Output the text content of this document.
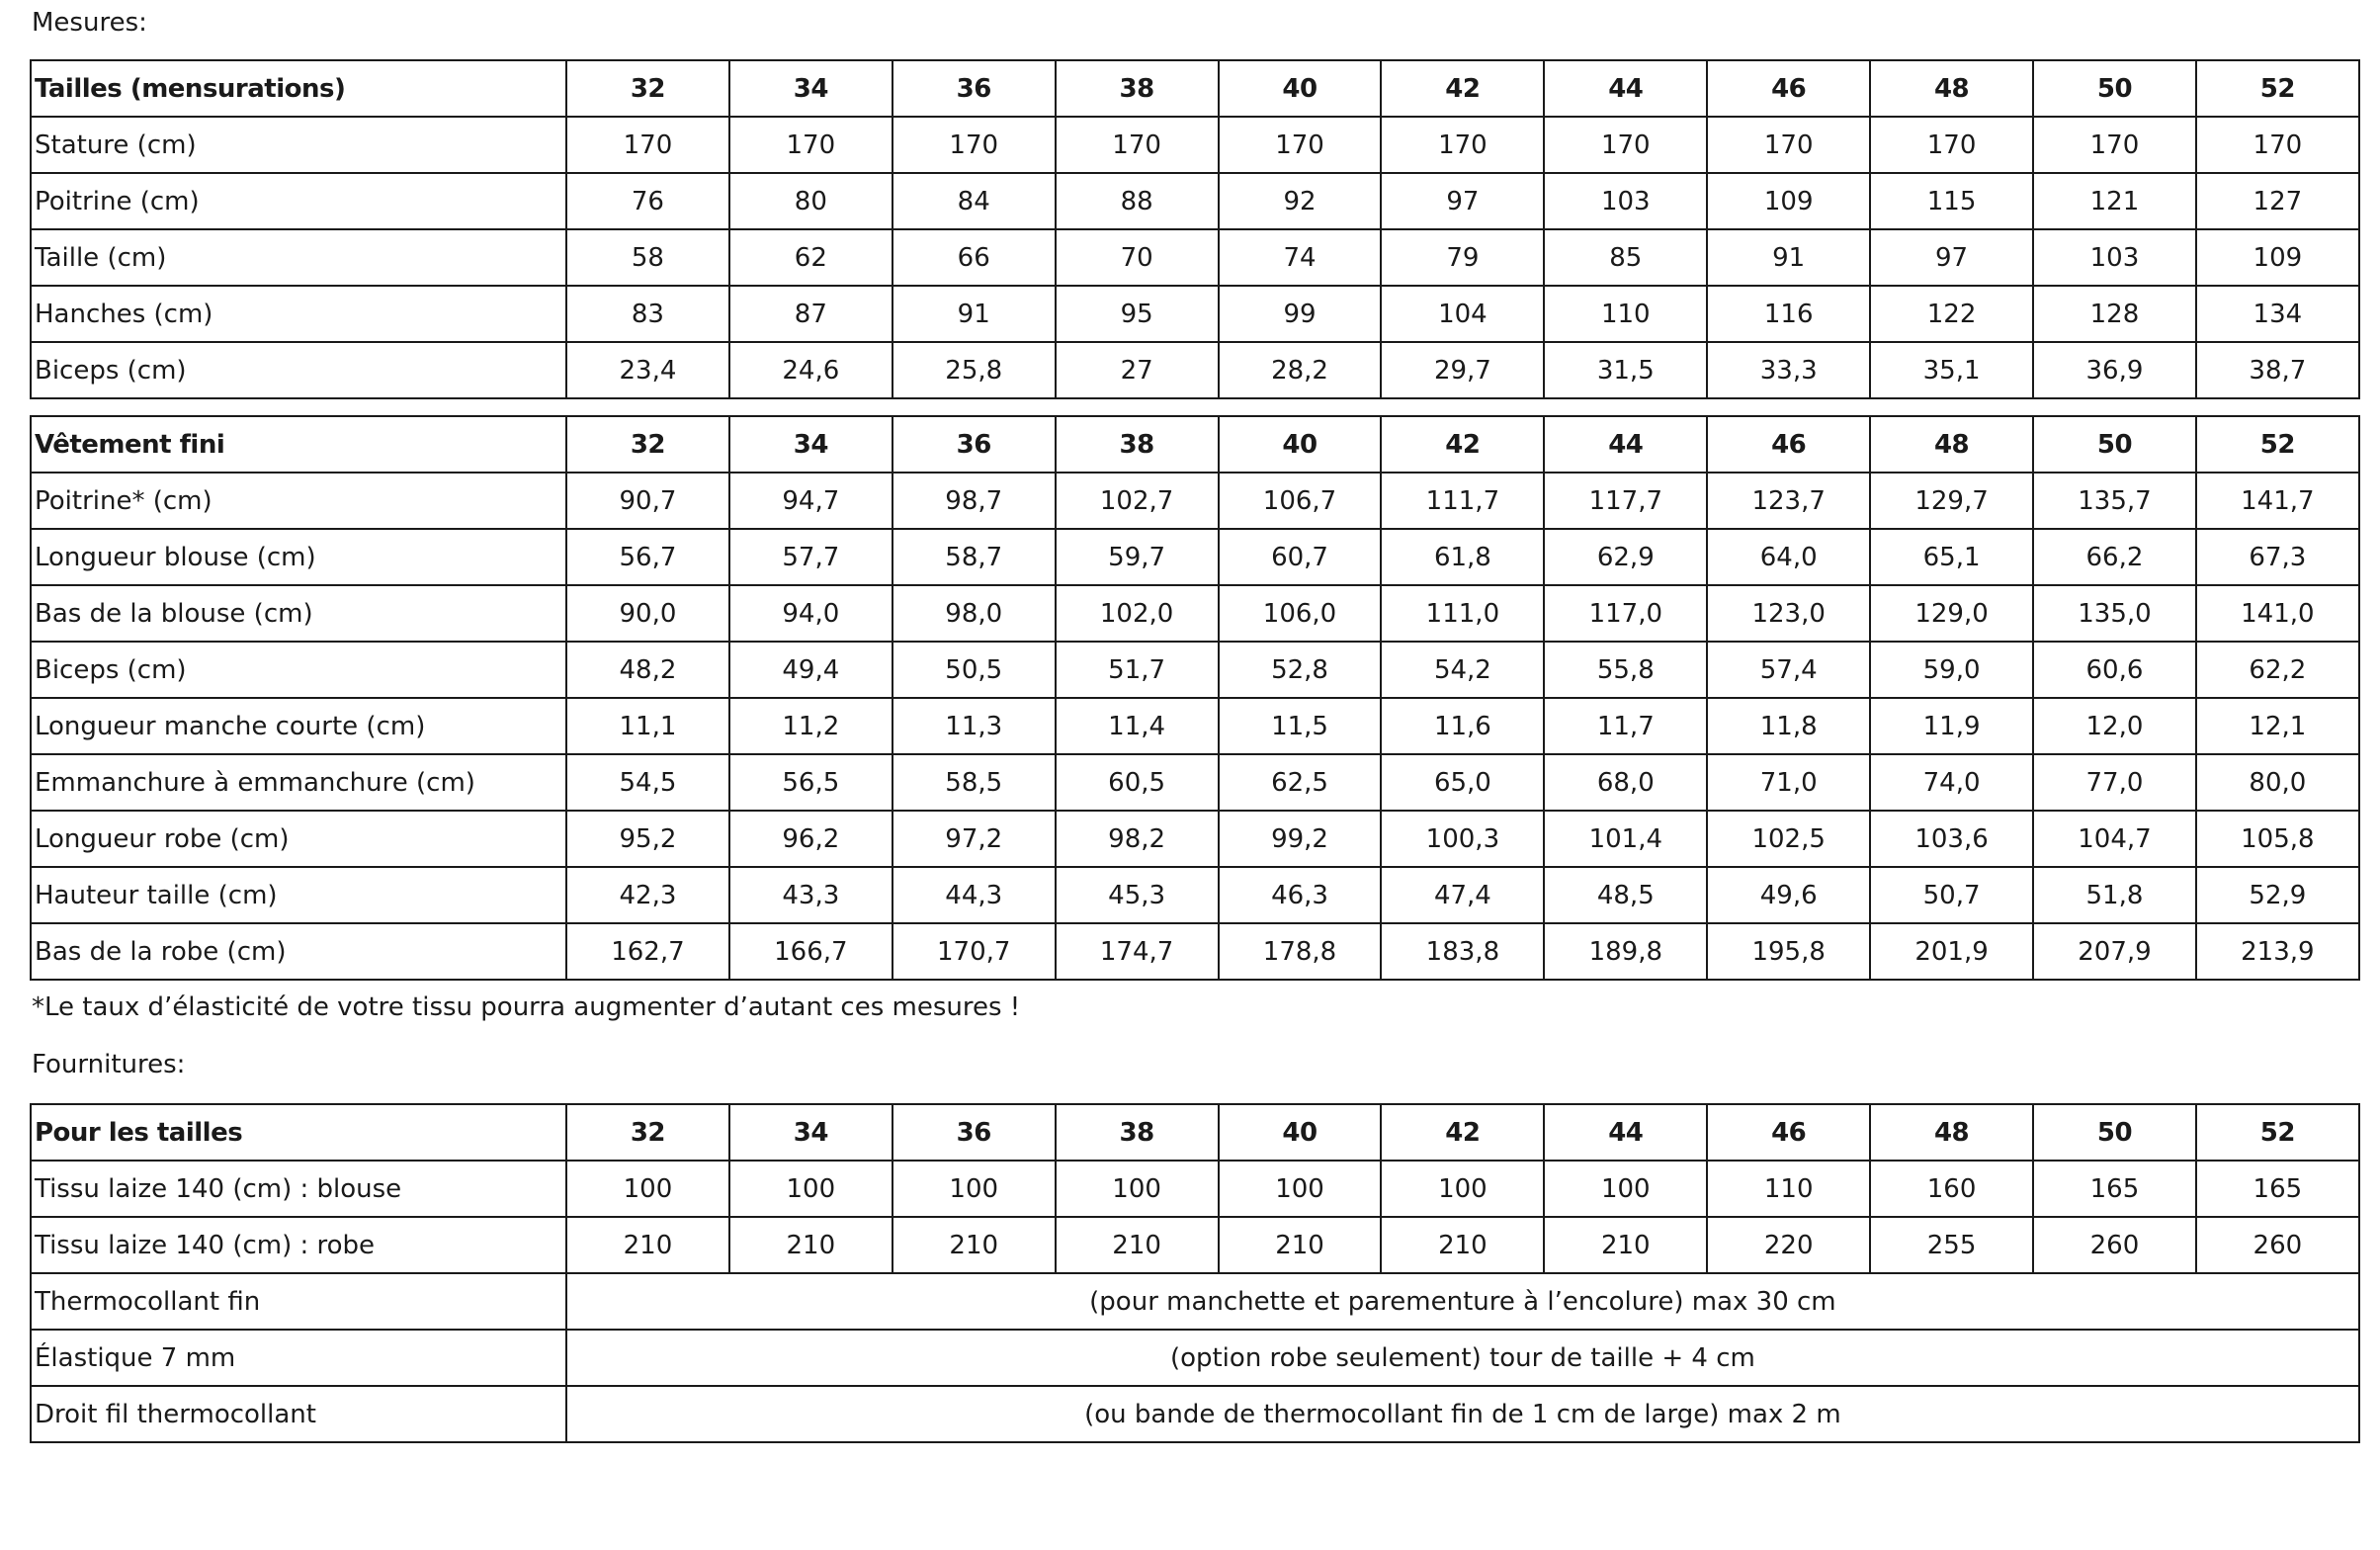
Mesures:
Tailles (mensurations)	32	34	36	38	40	42	44	46	48	50	52
Stature (cm)	170	170	170	170	170	170	170	170	170	170	170
Poitrine (cm)	76	80	84	88	92	97	103	109	115	121	127
Taille (cm)	58	62	66	70	74	79	85	91	97	103	109
Hanches (cm)	83	87	91	95	99	104	110	116	122	128	134
Biceps (cm)	23,4	24,6	25,8	27	28,2	29,7	31,5	33,3	35,1	36,9	38,7
Vêtement fini	32	34	36	38	40	42	44	46	48	50	52
Poitrine* (cm)	90,7	94,7	98,7	102,7	106,7	111,7	117,7	123,7	129,7	135,7	141,7
Longueur blouse (cm)	56,7	57,7	58,7	59,7	60,7	61,8	62,9	64,0	65,1	66,2	67,3
Bas de la blouse (cm)	90,0	94,0	98,0	102,0	106,0	111,0	117,0	123,0	129,0	135,0	141,0
Biceps (cm)	48,2	49,4	50,5	51,7	52,8	54,2	55,8	57,4	59,0	60,6	62,2
Longueur manche courte (cm)	11,1	11,2	11,3	11,4	11,5	11,6	11,7	11,8	11,9	12,0	12,1
Emmanchure à emmanchure (cm)	54,5	56,5	58,5	60,5	62,5	65,0	68,0	71,0	74,0	77,0	80,0
Longueur robe (cm)	95,2	96,2	97,2	98,2	99,2	100,3	101,4	102,5	103,6	104,7	105,8
Hauteur taille (cm)	42,3	43,3	44,3	45,3	46,3	47,4	48,5	49,6	50,7	51,8	52,9
Bas de la robe (cm)	162,7	166,7	170,7	174,7	178,8	183,8	189,8	195,8	201,9	207,9	213,9
*Le taux d’élasticité de votre tissu pourra augmenter d’autant ces mesures !
Fournitures:
Pour les tailles	32	34	36	38	40	42	44	46	48	50	52
Tissu laize 140 (cm) : blouse	100	100	100	100	100	100	100	110	160	165	165
Tissu laize 140 (cm) : robe	210	210	210	210	210	210	210	220	255	260	260
Thermocollant fin	(pour manchette et parementure à l’encolure) max 30 cm										
Élastique 7 mm	(option robe seulement) tour de taille + 4 cm										
Droit fil thermocollant	(ou bande de thermocollant fin de 1 cm de large) max 2 m										
